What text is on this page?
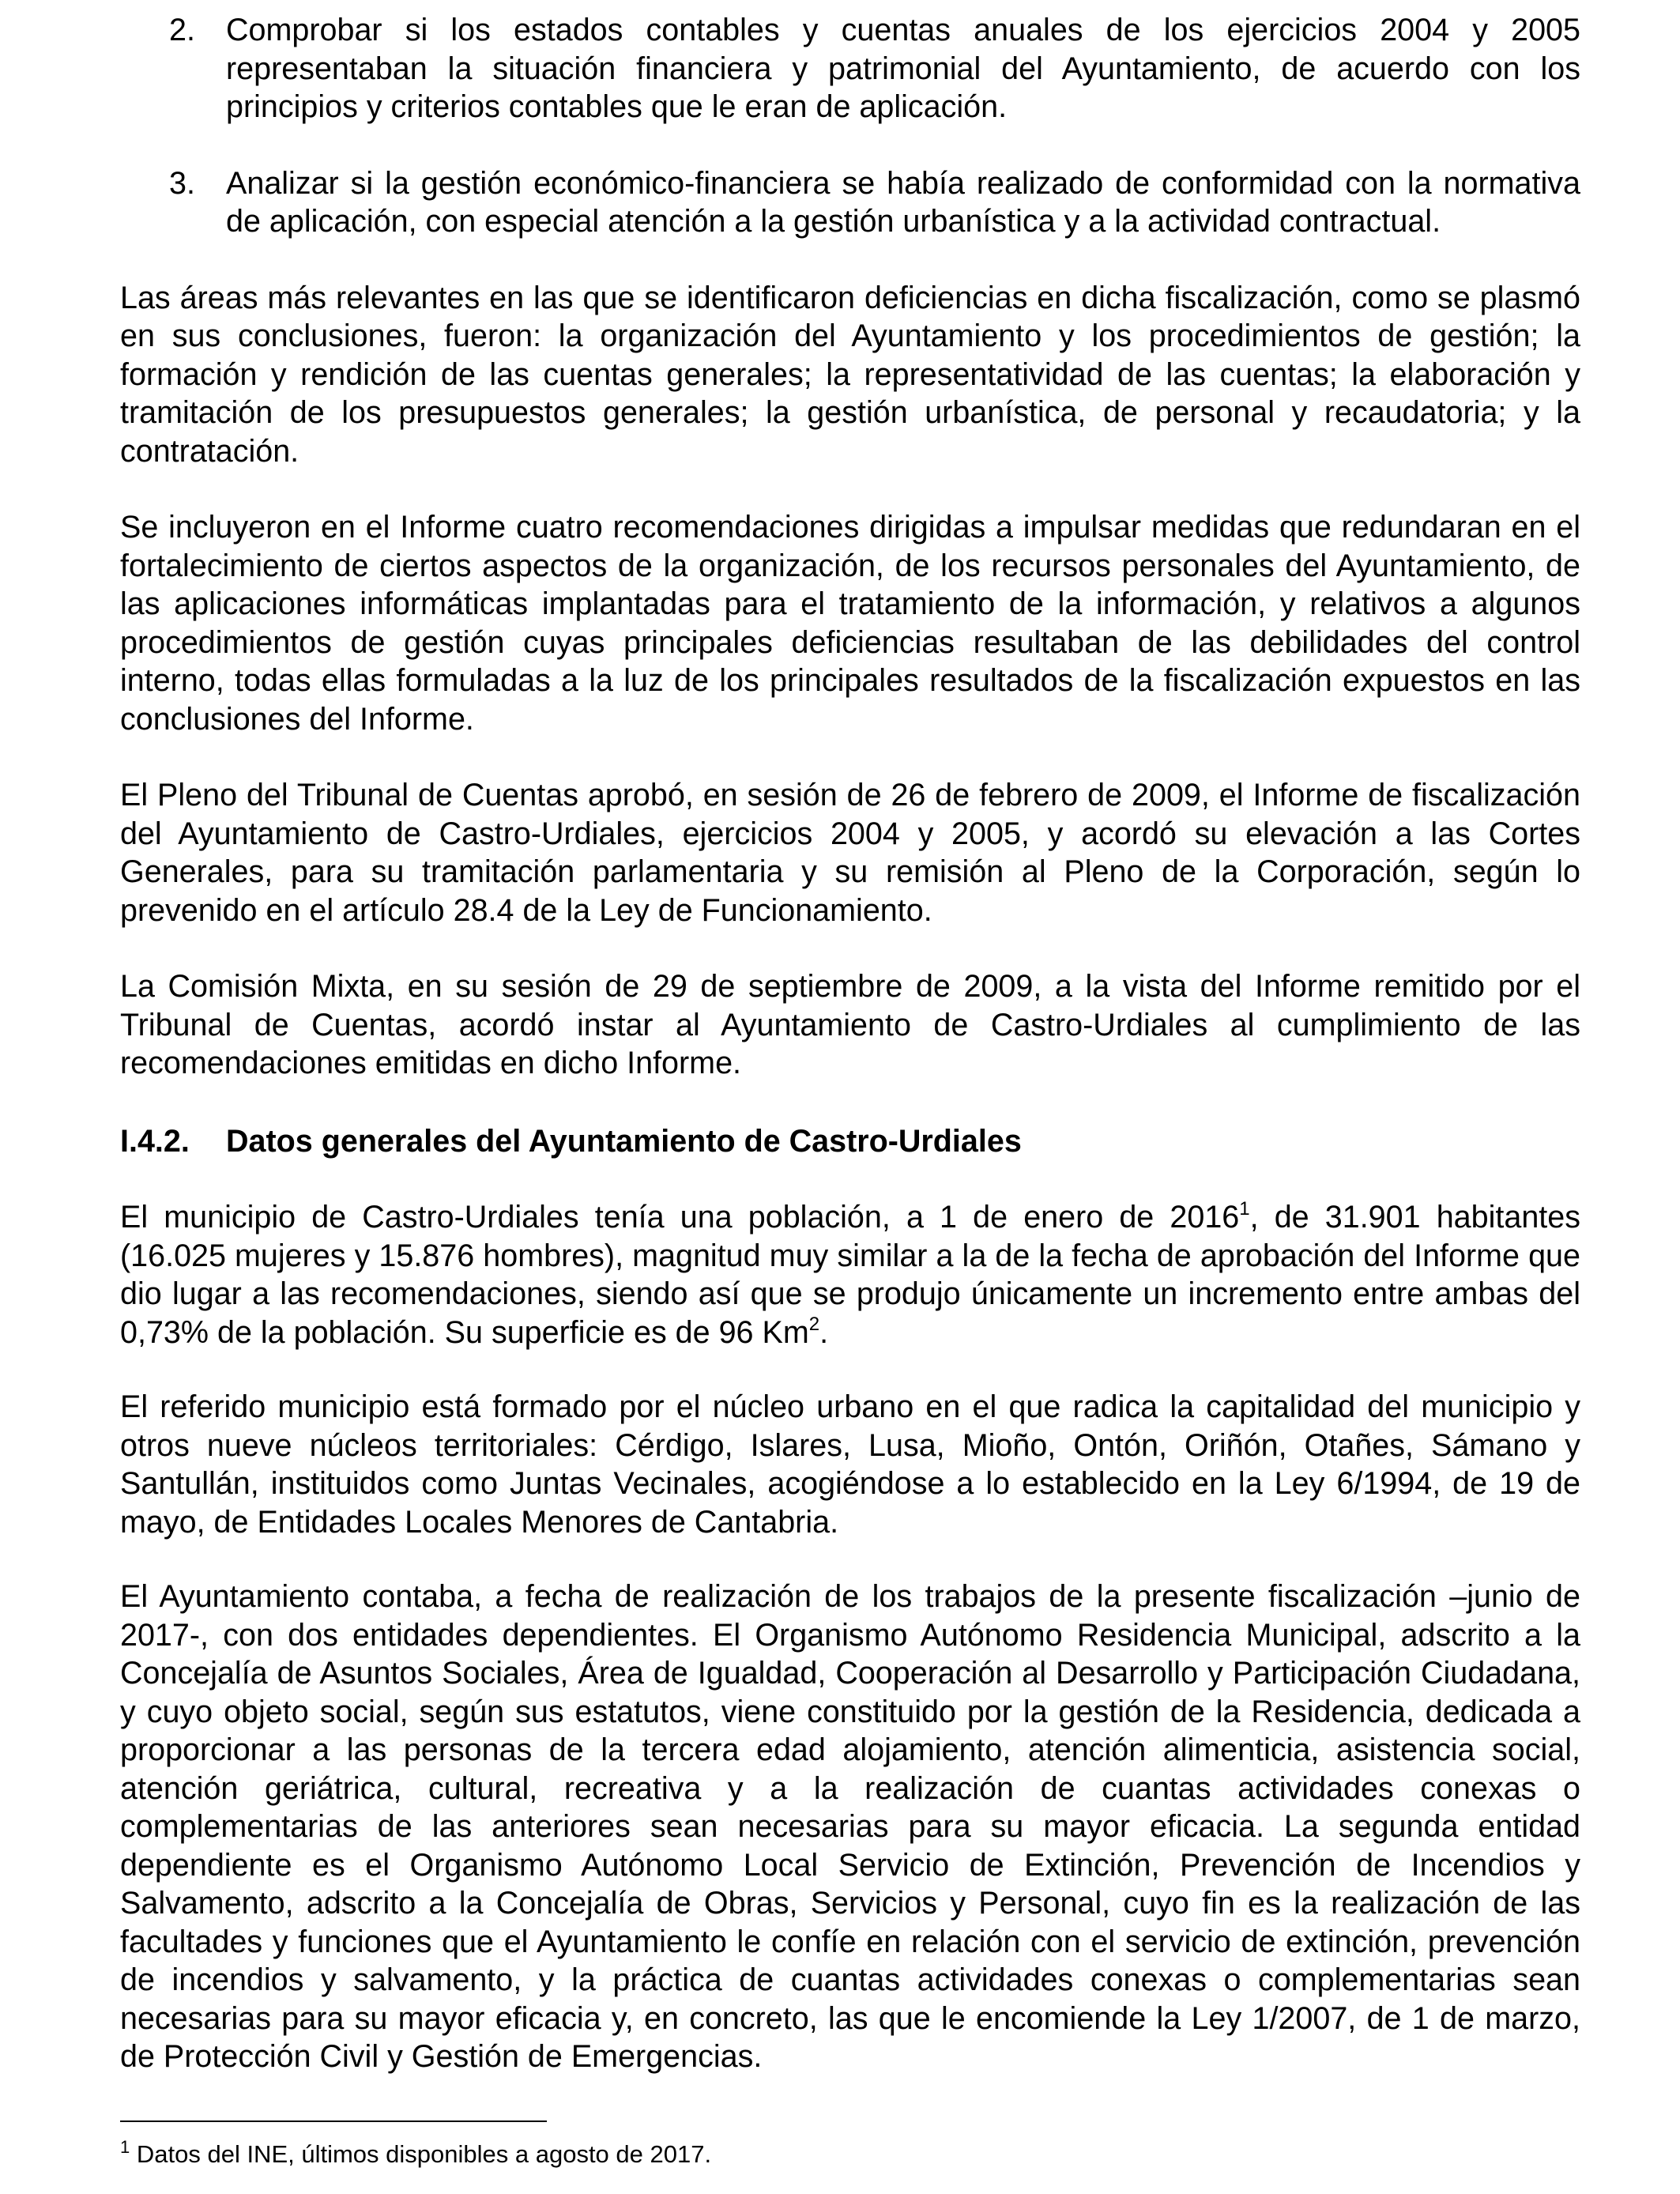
2. Comprobar si los estados contables y cuentas anuales de los ejercicios 2004 y 2005 representaban la situación financiera y patrimonial del Ayuntamiento, de acuerdo con los principios y criterios contables que le eran de aplicación.
3. Analizar si la gestión económico-financiera se había realizado de conformidad con la normativa de aplicación, con especial atención a la gestión urbanística y a la actividad contractual.

Las áreas más relevantes en las que se identificaron deficiencias en dicha fiscalización, como se plasmó en sus conclusiones, fueron: la organización del Ayuntamiento y los procedimientos de gestión; la formación y rendición de las cuentas generales; la representatividad de las cuentas; la elaboración y tramitación de los presupuestos generales; la gestión urbanística, de personal y recaudatoria; y la contratación.

Se incluyeron en el Informe cuatro recomendaciones dirigidas a impulsar medidas que redundaran en el fortalecimiento de ciertos aspectos de la organización, de los recursos personales del Ayuntamiento, de las aplicaciones informáticas implantadas para el tratamiento de la información, y relativos a algunos procedimientos de gestión cuyas principales deficiencias resultaban de las debilidades del control interno, todas ellas formuladas a la luz de los principales resultados de la fiscalización expuestos en las conclusiones del Informe.

El Pleno del Tribunal de Cuentas aprobó, en sesión de 26 de febrero de 2009, el Informe de fiscalización del Ayuntamiento de Castro-Urdiales, ejercicios 2004 y 2005, y acordó su elevación a las Cortes Generales, para su tramitación parlamentaria y su remisión al Pleno de la Corporación, según lo prevenido en el artículo 28.4 de la Ley de Funcionamiento.

La Comisión Mixta, en su sesión de 29 de septiembre de 2009, a la vista del Informe remitido por el Tribunal de Cuentas, acordó instar al Ayuntamiento de Castro-Urdiales al cumplimiento de las recomendaciones emitidas en dicho Informe.

I.4.2.	Datos generales del Ayuntamiento de Castro-Urdiales

El municipio de Castro-Urdiales tenía una población, a 1 de enero de 2016$^1$, de 31.901 habitantes (16.025 mujeres y 15.876 hombres), magnitud muy similar a la de la fecha de aprobación del Informe que dio lugar a las recomendaciones, siendo así que se produjo únicamente un incremento entre ambas del 0,73% de la población. Su superficie es de 96 Km$^2$.

El referido municipio está formado por el núcleo urbano en el que radica la capitalidad del municipio y otros nueve núcleos territoriales: Cérdigo, Islares, Lusa, Mioño, Ontón, Oriñón, Otañes, Sámano y Santullán, instituidos como Juntas Vecinales, acogiéndose a lo establecido en la Ley 6/1994, de 19 de mayo, de Entidades Locales Menores de Cantabria.

El Ayuntamiento contaba, a fecha de realización de los trabajos de la presente fiscalización –junio de 2017-, con dos entidades dependientes. El Organismo Autónomo Residencia Municipal, adscrito a la Concejalía de Asuntos Sociales, Área de Igualdad, Cooperación al Desarrollo y Participación Ciudadana, y cuyo objeto social, según sus estatutos, viene constituido por la gestión de la Residencia, dedicada a proporcionar a las personas de la tercera edad alojamiento, atención alimenticia, asistencia social, atención geriátrica, cultural, recreativa y a la realización de cuantas actividades conexas o complementarias de las anteriores sean necesarias para su mayor eficacia. La segunda entidad dependiente es el Organismo Autónomo Local Servicio de Extinción, Prevención de Incendios y Salvamento, adscrito a la Concejalía de Obras, Servicios y Personal, cuyo fin es la realización de las facultades y funciones que el Ayuntamiento le confíe en relación con el servicio de extinción, prevención de incendios y salvamento, y la práctica de cuantas actividades conexas o complementarias sean necesarias para su mayor eficacia y, en concreto, las que le encomiende la Ley 1/2007, de 1 de marzo, de Protección Civil y Gestión de Emergencias.

$^1$ Datos del INE, últimos disponibles a agosto de 2017.
